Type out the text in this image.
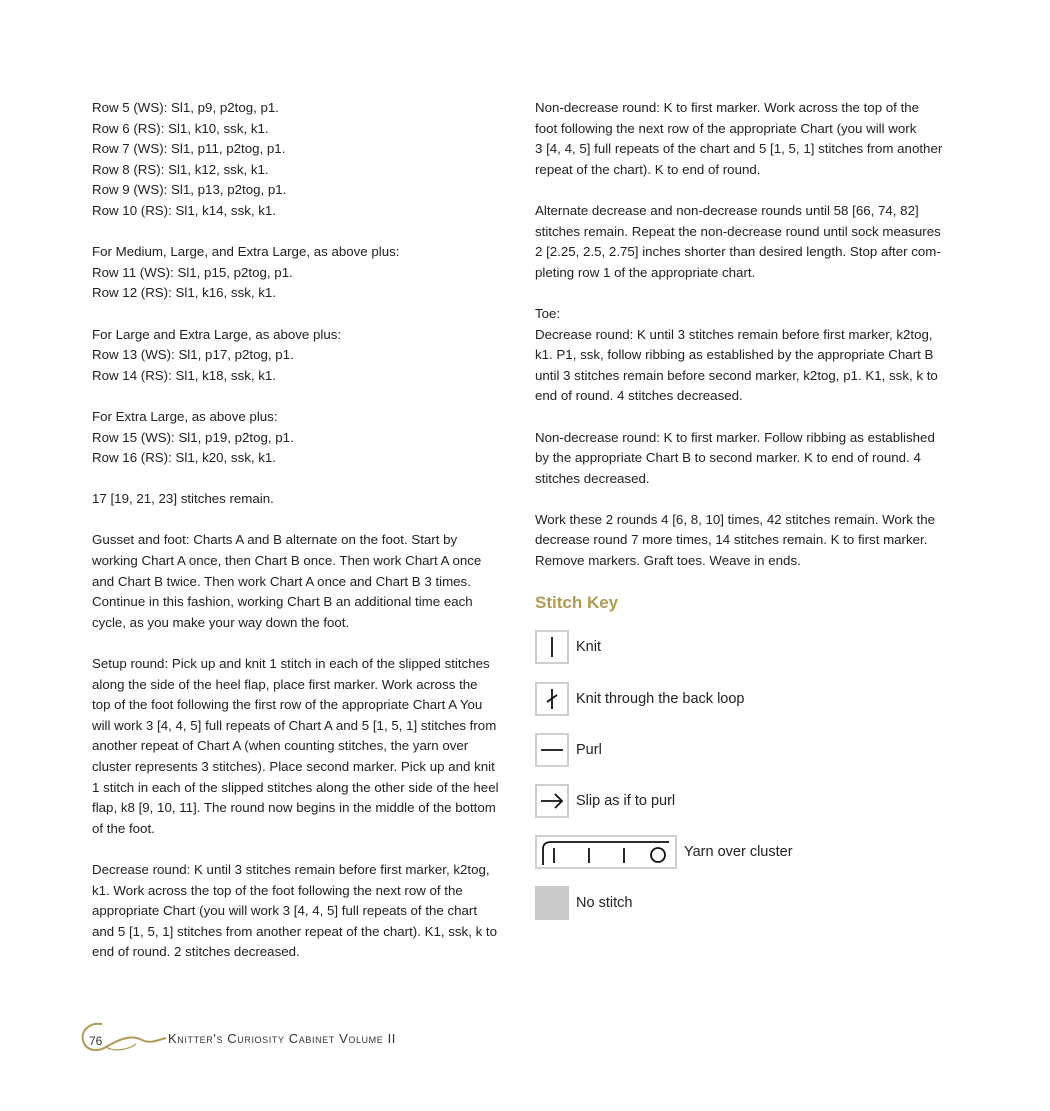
Row 5 (WS): Sl1, p9, p2tog, p1.
Row 6 (RS): Sl1, k10, ssk, k1.
Row 7 (WS): Sl1, p11, p2tog, p1.
Row 8 (RS): Sl1, k12, ssk, k1.
Row 9 (WS): Sl1, p13, p2tog, p1.
Row 10 (RS): Sl1, k14, ssk, k1.
For Medium, Large, and Extra Large, as above plus:
Row 11 (WS): Sl1, p15, p2tog, p1.
Row 12 (RS): Sl1, k16, ssk, k1.
For Large and Extra Large, as above plus:
Row 13 (WS): Sl1, p17, p2tog, p1.
Row 14 (RS): Sl1, k18, ssk, k1.
For Extra Large, as above plus:
Row 15 (WS): Sl1, p19, p2tog, p1.
Row 16 (RS): Sl1, k20, ssk, k1.
17 [19, 21, 23] stitches remain.
Gusset and foot: Charts A and B alternate on the foot. Start by
working Chart A once, then Chart B once. Then work Chart A once
and Chart B twice. Then work Chart A once and Chart B 3 times.
Continue in this fashion, working Chart B an additional time each
cycle, as you make your way down the foot.
Setup round: Pick up and knit 1 stitch in each of the slipped stitches
along the side of the heel flap, place first marker. Work across the
top of the foot following the first row of the appropriate Chart A You
will work 3 [4, 4, 5] full repeats of Chart A and 5 [1, 5, 1] stitches from
another repeat of Chart A (when counting stitches, the yarn over
cluster represents 3 stitches). Place second marker. Pick up and knit
1 stitch in each of the slipped stitches along the other side of the heel
flap, k8 [9, 10, 11]. The round now begins in the middle of the bottom
of the foot.
Decrease round: K until 3 stitches remain before first marker, k2tog,
k1. Work across the top of the foot following the next row of the
appropriate Chart (you will work 3 [4, 4, 5] full repeats of the chart
and 5 [1, 5, 1] stitches from another repeat of the chart). K1, ssk, k to
end of round. 2 stitches decreased.
Non-decrease round: K to first marker. Work across the top of the
foot following the next row of the appropriate Chart (you will work
3 [4, 4, 5] full repeats of the chart and 5 [1, 5, 1] stitches from another
repeat of the chart). K to end of round.
Alternate decrease and non-decrease rounds until 58 [66, 74, 82]
stitches remain. Repeat the non-decrease round until sock measures
2 [2.25, 2.5, 2.75] inches shorter than desired length. Stop after com-
pleting row 1 of the appropriate chart.
Toe:
Decrease round: K until 3 stitches remain before first marker, k2tog,
k1. P1, ssk, follow ribbing as established by the appropriate Chart B
until 3 stitches remain before second marker, k2tog, p1. K1, ssk, k to
end of round. 4 stitches decreased.
Non-decrease round: K to first marker. Follow ribbing as established
by the appropriate Chart B to second marker. K to end of round. 4
stitches decreased.
Work these 2 rounds 4 [6, 8, 10] times, 42 stitches remain. Work the
decrease round 7 more times, 14 stitches remain. K to first marker.
Remove markers. Graft toes. Weave in ends.
Stitch Key
Knit
Knit through the back loop
Purl
Slip as if to purl
Yarn over cluster
No stitch
76	Knitter's Curiosity Cabinet Volume II
